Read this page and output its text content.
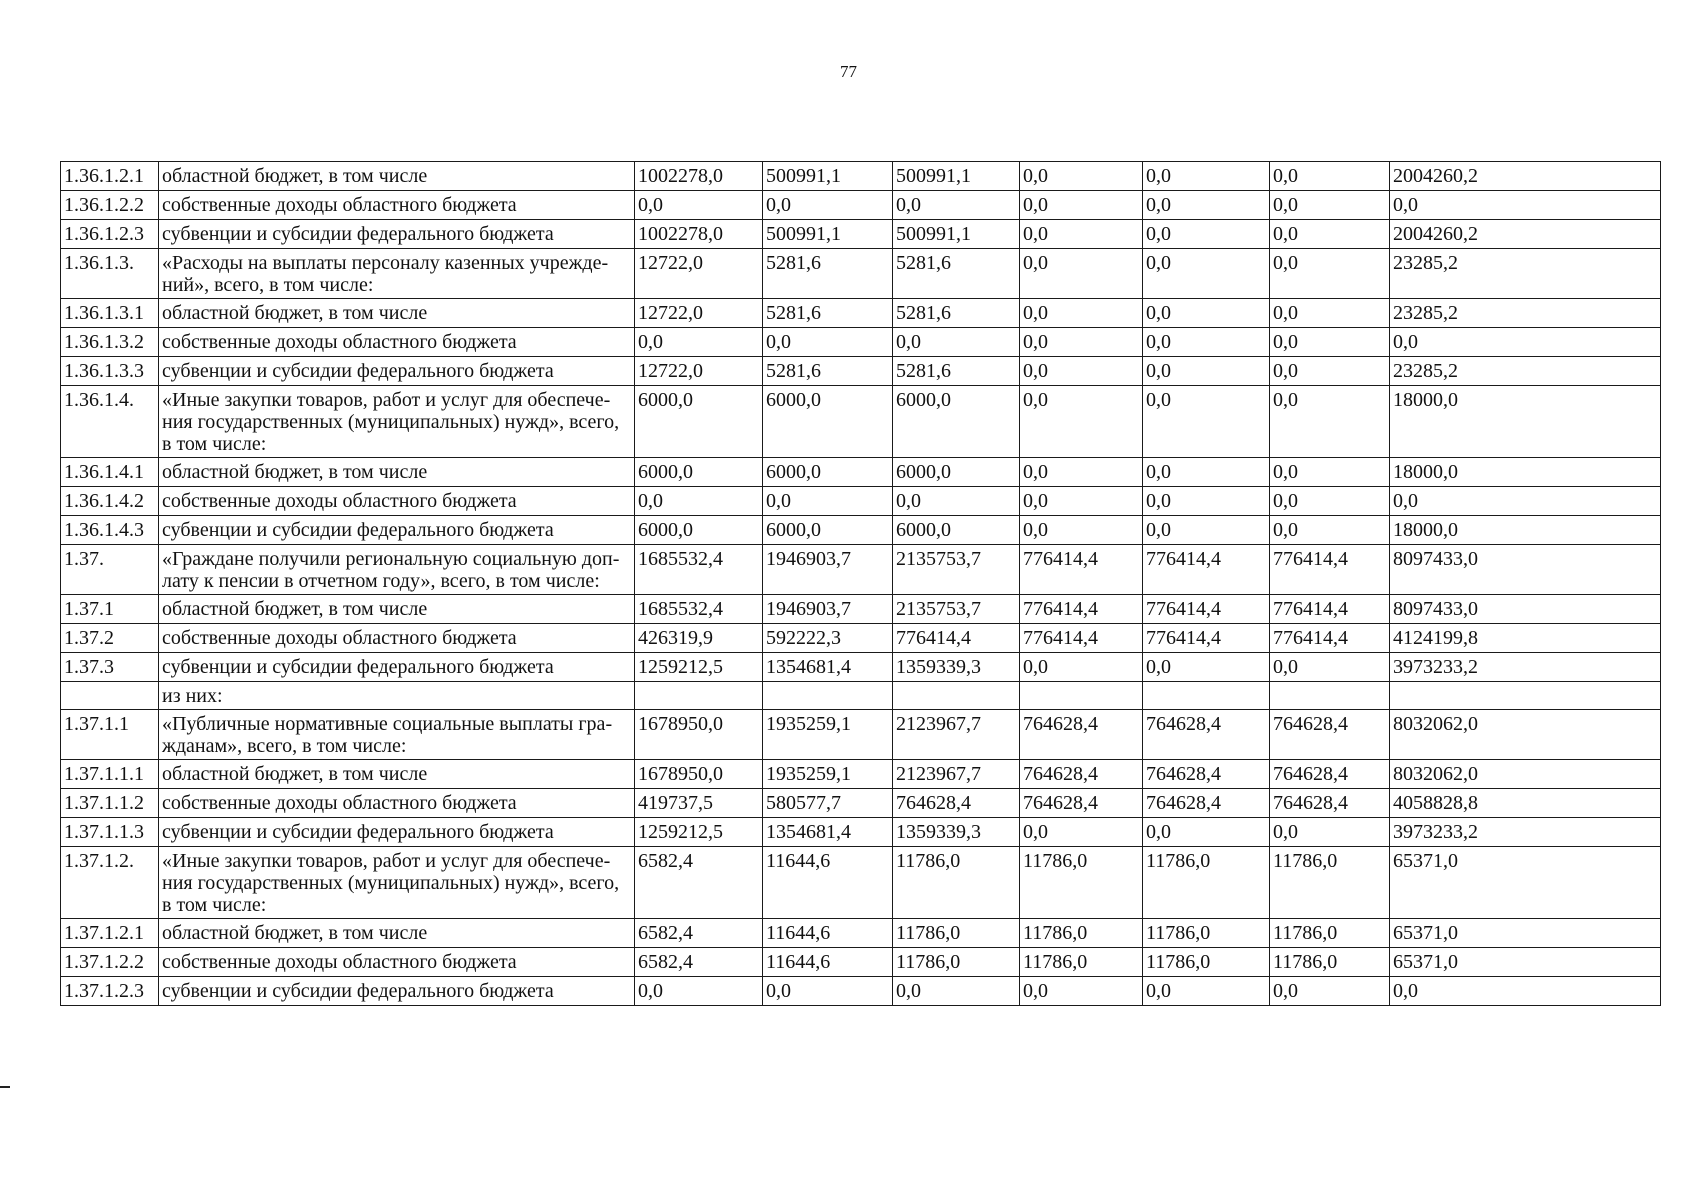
77
1.36.1.2.1	областной бюджет, в том числе	1002278,0	500991,1	500991,1	0,0	0,0	0,0	2004260,2
1.36.1.2.2	собственные доходы областного бюджета	0,0	0,0	0,0	0,0	0,0	0,0	0,0
1.36.1.2.3	субвенции и субсидии федерального бюджета	1002278,0	500991,1	500991,1	0,0	0,0	0,0	2004260,2
1.36.1.3.	«Расходы на выплаты персоналу казенных учрежде-ний», всего, в том числе:	12722,0	5281,6	5281,6	0,0	0,0	0,0	23285,2
1.36.1.3.1	областной бюджет, в том числе	12722,0	5281,6	5281,6	0,0	0,0	0,0	23285,2
1.36.1.3.2	собственные доходы областного бюджета	0,0	0,0	0,0	0,0	0,0	0,0	0,0
1.36.1.3.3	субвенции и субсидии федерального бюджета	12722,0	5281,6	5281,6	0,0	0,0	0,0	23285,2
1.36.1.4.	«Иные закупки товаров, работ и услуг для обеспече-ния государственных (муниципальных) нужд», всего, в том числе:	6000,0	6000,0	6000,0	0,0	0,0	0,0	18000,0
1.36.1.4.1	областной бюджет, в том числе	6000,0	6000,0	6000,0	0,0	0,0	0,0	18000,0
1.36.1.4.2	собственные доходы областного бюджета	0,0	0,0	0,0	0,0	0,0	0,0	0,0
1.36.1.4.3	субвенции и субсидии федерального бюджета	6000,0	6000,0	6000,0	0,0	0,0	0,0	18000,0
1.37.	«Граждане получили региональную социальную доп-лату к пенсии в отчетном году», всего, в том числе:	1685532,4	1946903,7	2135753,7	776414,4	776414,4	776414,4	8097433,0
1.37.1	областной бюджет, в том числе	1685532,4	1946903,7	2135753,7	776414,4	776414,4	776414,4	8097433,0
1.37.2	собственные доходы областного бюджета	426319,9	592222,3	776414,4	776414,4	776414,4	776414,4	4124199,8
1.37.3	субвенции и субсидии федерального бюджета	1259212,5	1354681,4	1359339,3	0,0	0,0	0,0	3973233,2
	из них:							
1.37.1.1	«Публичные нормативные социальные выплаты гра-жданам», всего, в том числе:	1678950,0	1935259,1	2123967,7	764628,4	764628,4	764628,4	8032062,0
1.37.1.1.1	областной бюджет, в том числе	1678950,0	1935259,1	2123967,7	764628,4	764628,4	764628,4	8032062,0
1.37.1.1.2	собственные доходы областного бюджета	419737,5	580577,7	764628,4	764628,4	764628,4	764628,4	4058828,8
1.37.1.1.3	субвенции и субсидии федерального бюджета	1259212,5	1354681,4	1359339,3	0,0	0,0	0,0	3973233,2
1.37.1.2.	«Иные закупки товаров, работ и услуг для обеспече-ния государственных (муниципальных) нужд», всего, в том числе:	6582,4	11644,6	11786,0	11786,0	11786,0	11786,0	65371,0
1.37.1.2.1	областной бюджет, в том числе	6582,4	11644,6	11786,0	11786,0	11786,0	11786,0	65371,0
1.37.1.2.2	собственные доходы областного бюджета	6582,4	11644,6	11786,0	11786,0	11786,0	11786,0	65371,0
1.37.1.2.3	субвенции и субсидии федерального бюджета	0,0	0,0	0,0	0,0	0,0	0,0	0,0
